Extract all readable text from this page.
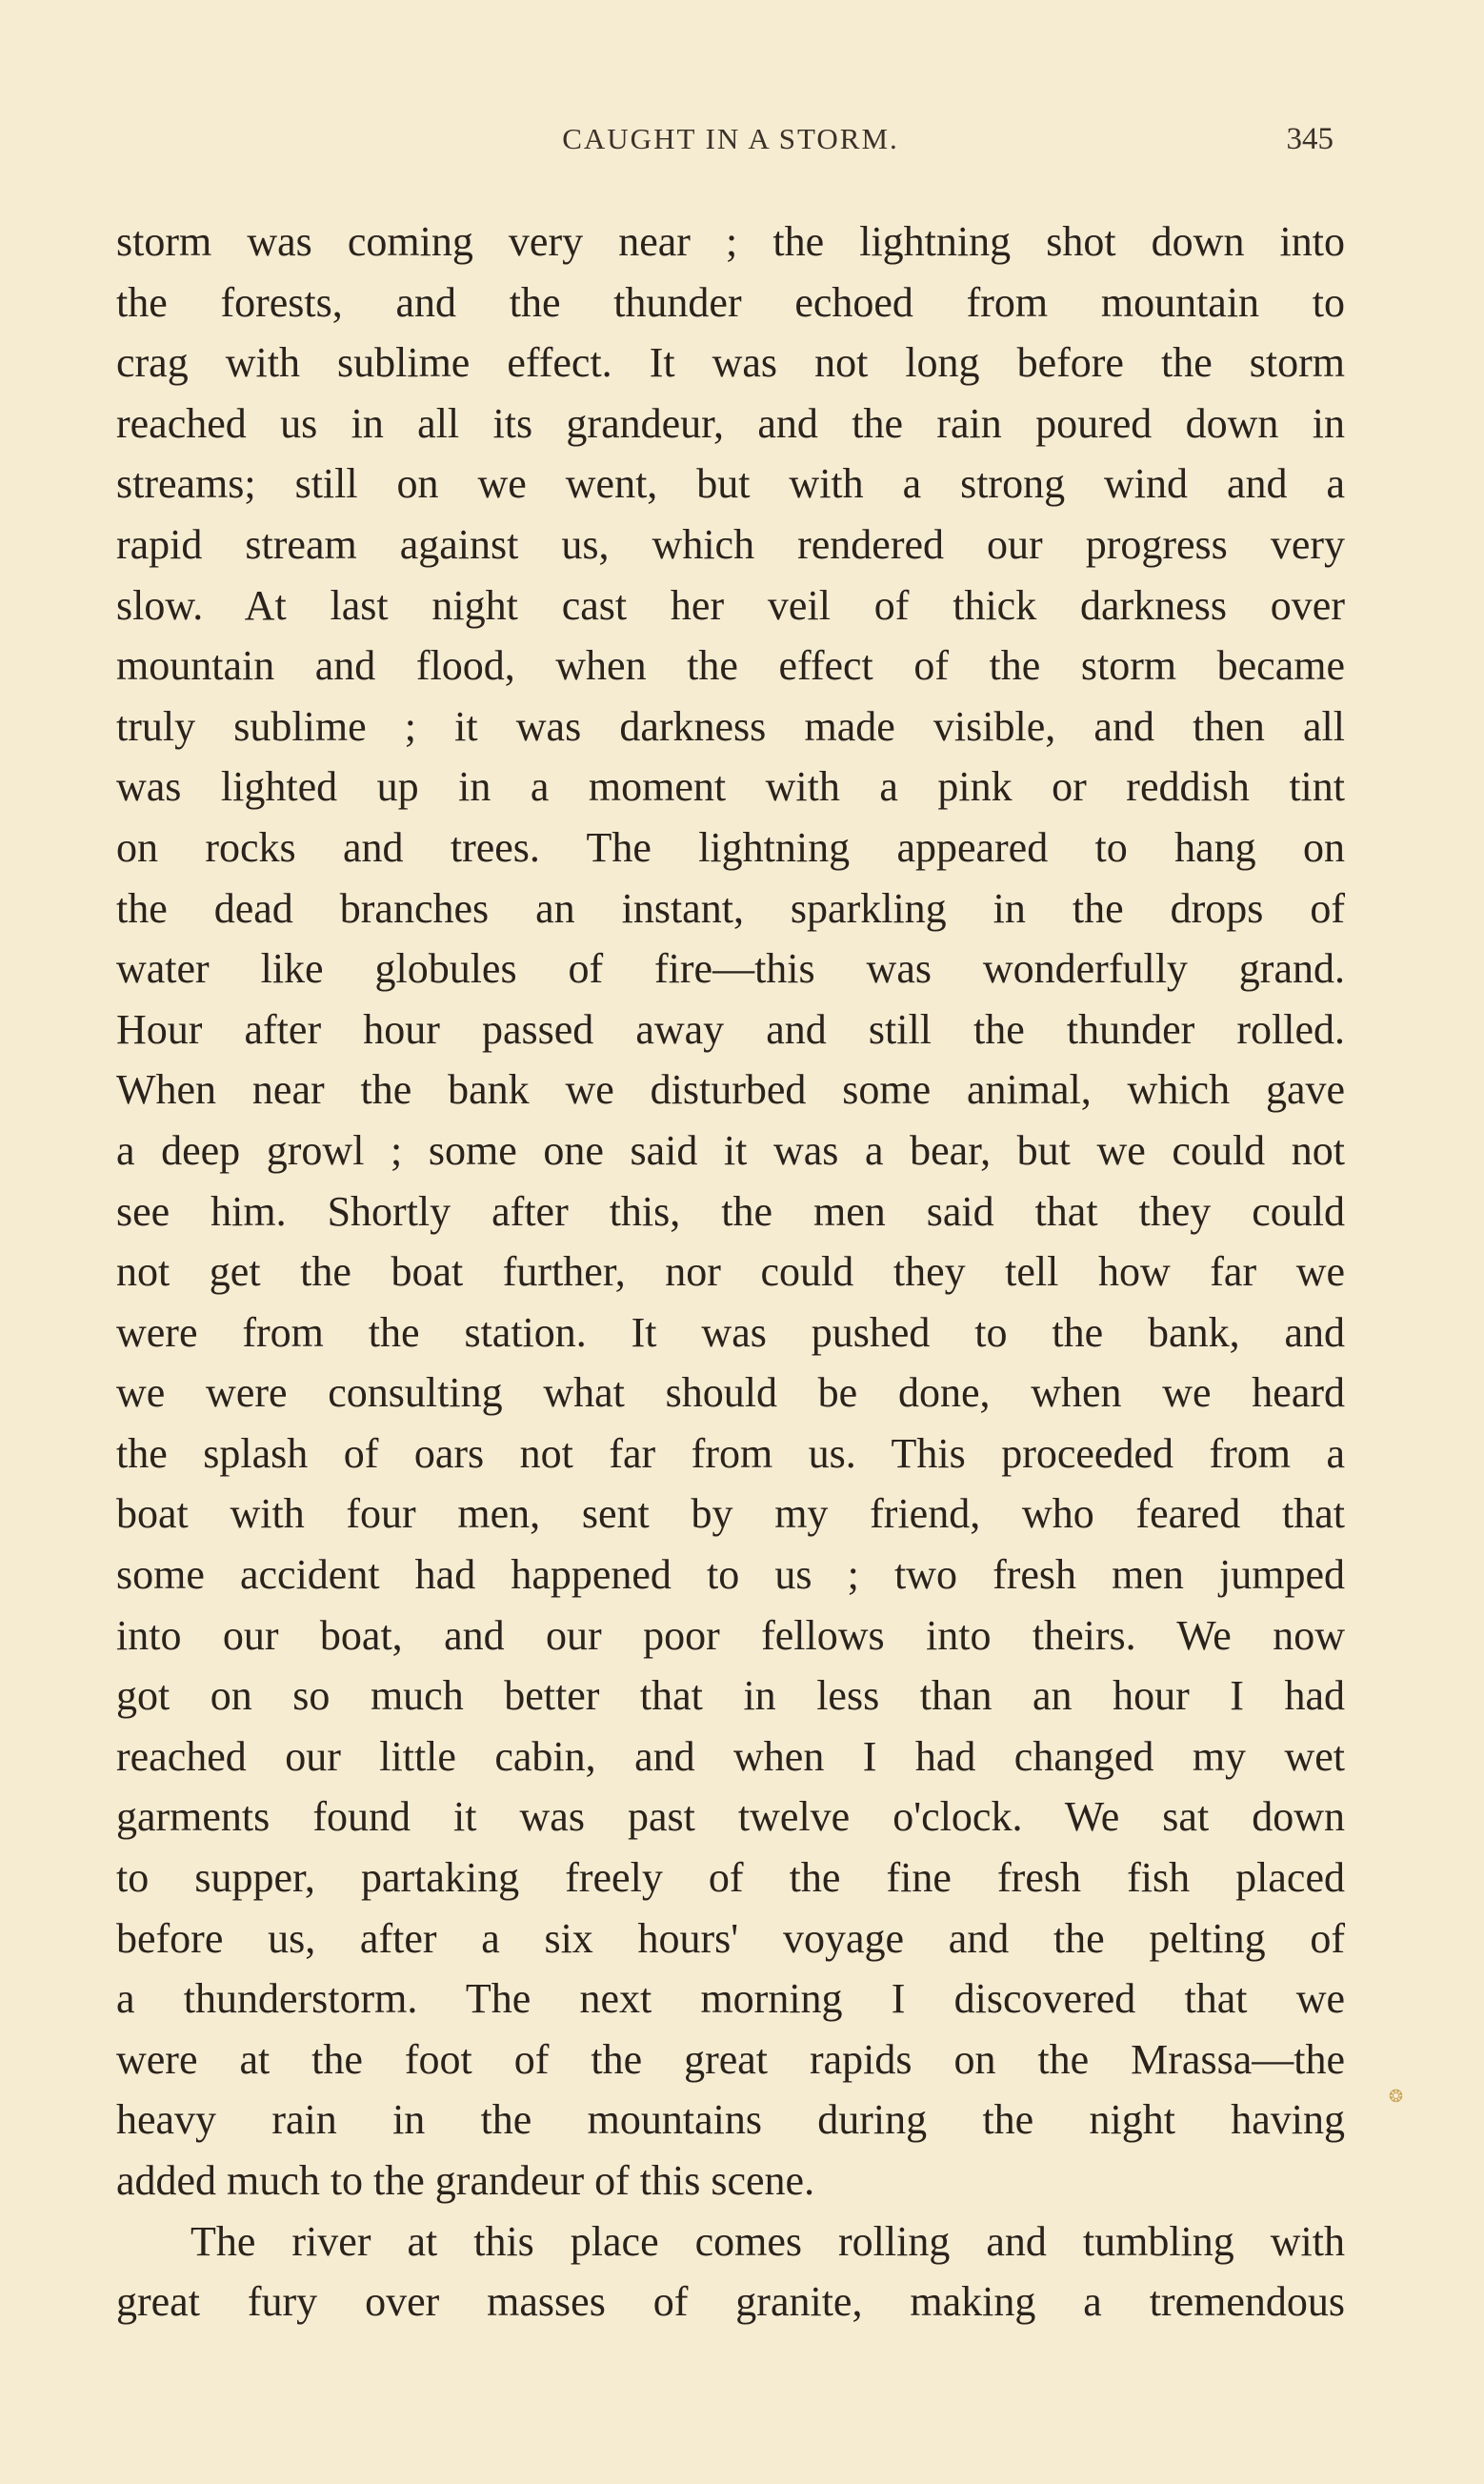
CAUGHT IN A STORM.	345
storm was coming very near ; the lightning shot down into
the forests, and the thunder echoed from mountain to
crag with sublime effect. It was not long before the storm
reached us in all its grandeur, and the rain poured down in
streams; still on we went, but with a strong wind and a
rapid stream against us, which rendered our progress very
slow. At last night cast her veil of thick darkness over
mountain and flood, when the effect of the storm became
truly sublime ; it was darkness made visible, and then all
was lighted up in a moment with a pink or reddish tint
on rocks and trees. The lightning appeared to hang on
the dead branches an instant, sparkling in the drops of
water like globules of fire—this was wonderfully grand.
Hour after hour passed away and still the thunder rolled.
When near the bank we disturbed some animal, which gave
a deep growl ; some one said it was a bear, but we could not
see him. Shortly after this, the men said that they could
not get the boat further, nor could they tell how far we
were from the station. It was pushed to the bank, and
we were consulting what should be done, when we heard
the splash of oars not far from us. This proceeded from a
boat with four men, sent by my friend, who feared that
some accident had happened to us ; two fresh men jumped
into our boat, and our poor fellows into theirs. We now
got on so much better that in less than an hour I had
reached our little cabin, and when I had changed my wet
garments found it was past twelve o'clock. We sat down
to supper, partaking freely of the fine fresh fish placed
before us, after a six hours' voyage and the pelting of
a thunderstorm. The next morning I discovered that we
were at the foot of the great rapids on the Mrassa—the
heavy rain in the mountains during the night having
added much to the grandeur of this scene.
The river at this place comes rolling and tumbling with
great fury over masses of granite, making a tremendous
❂
